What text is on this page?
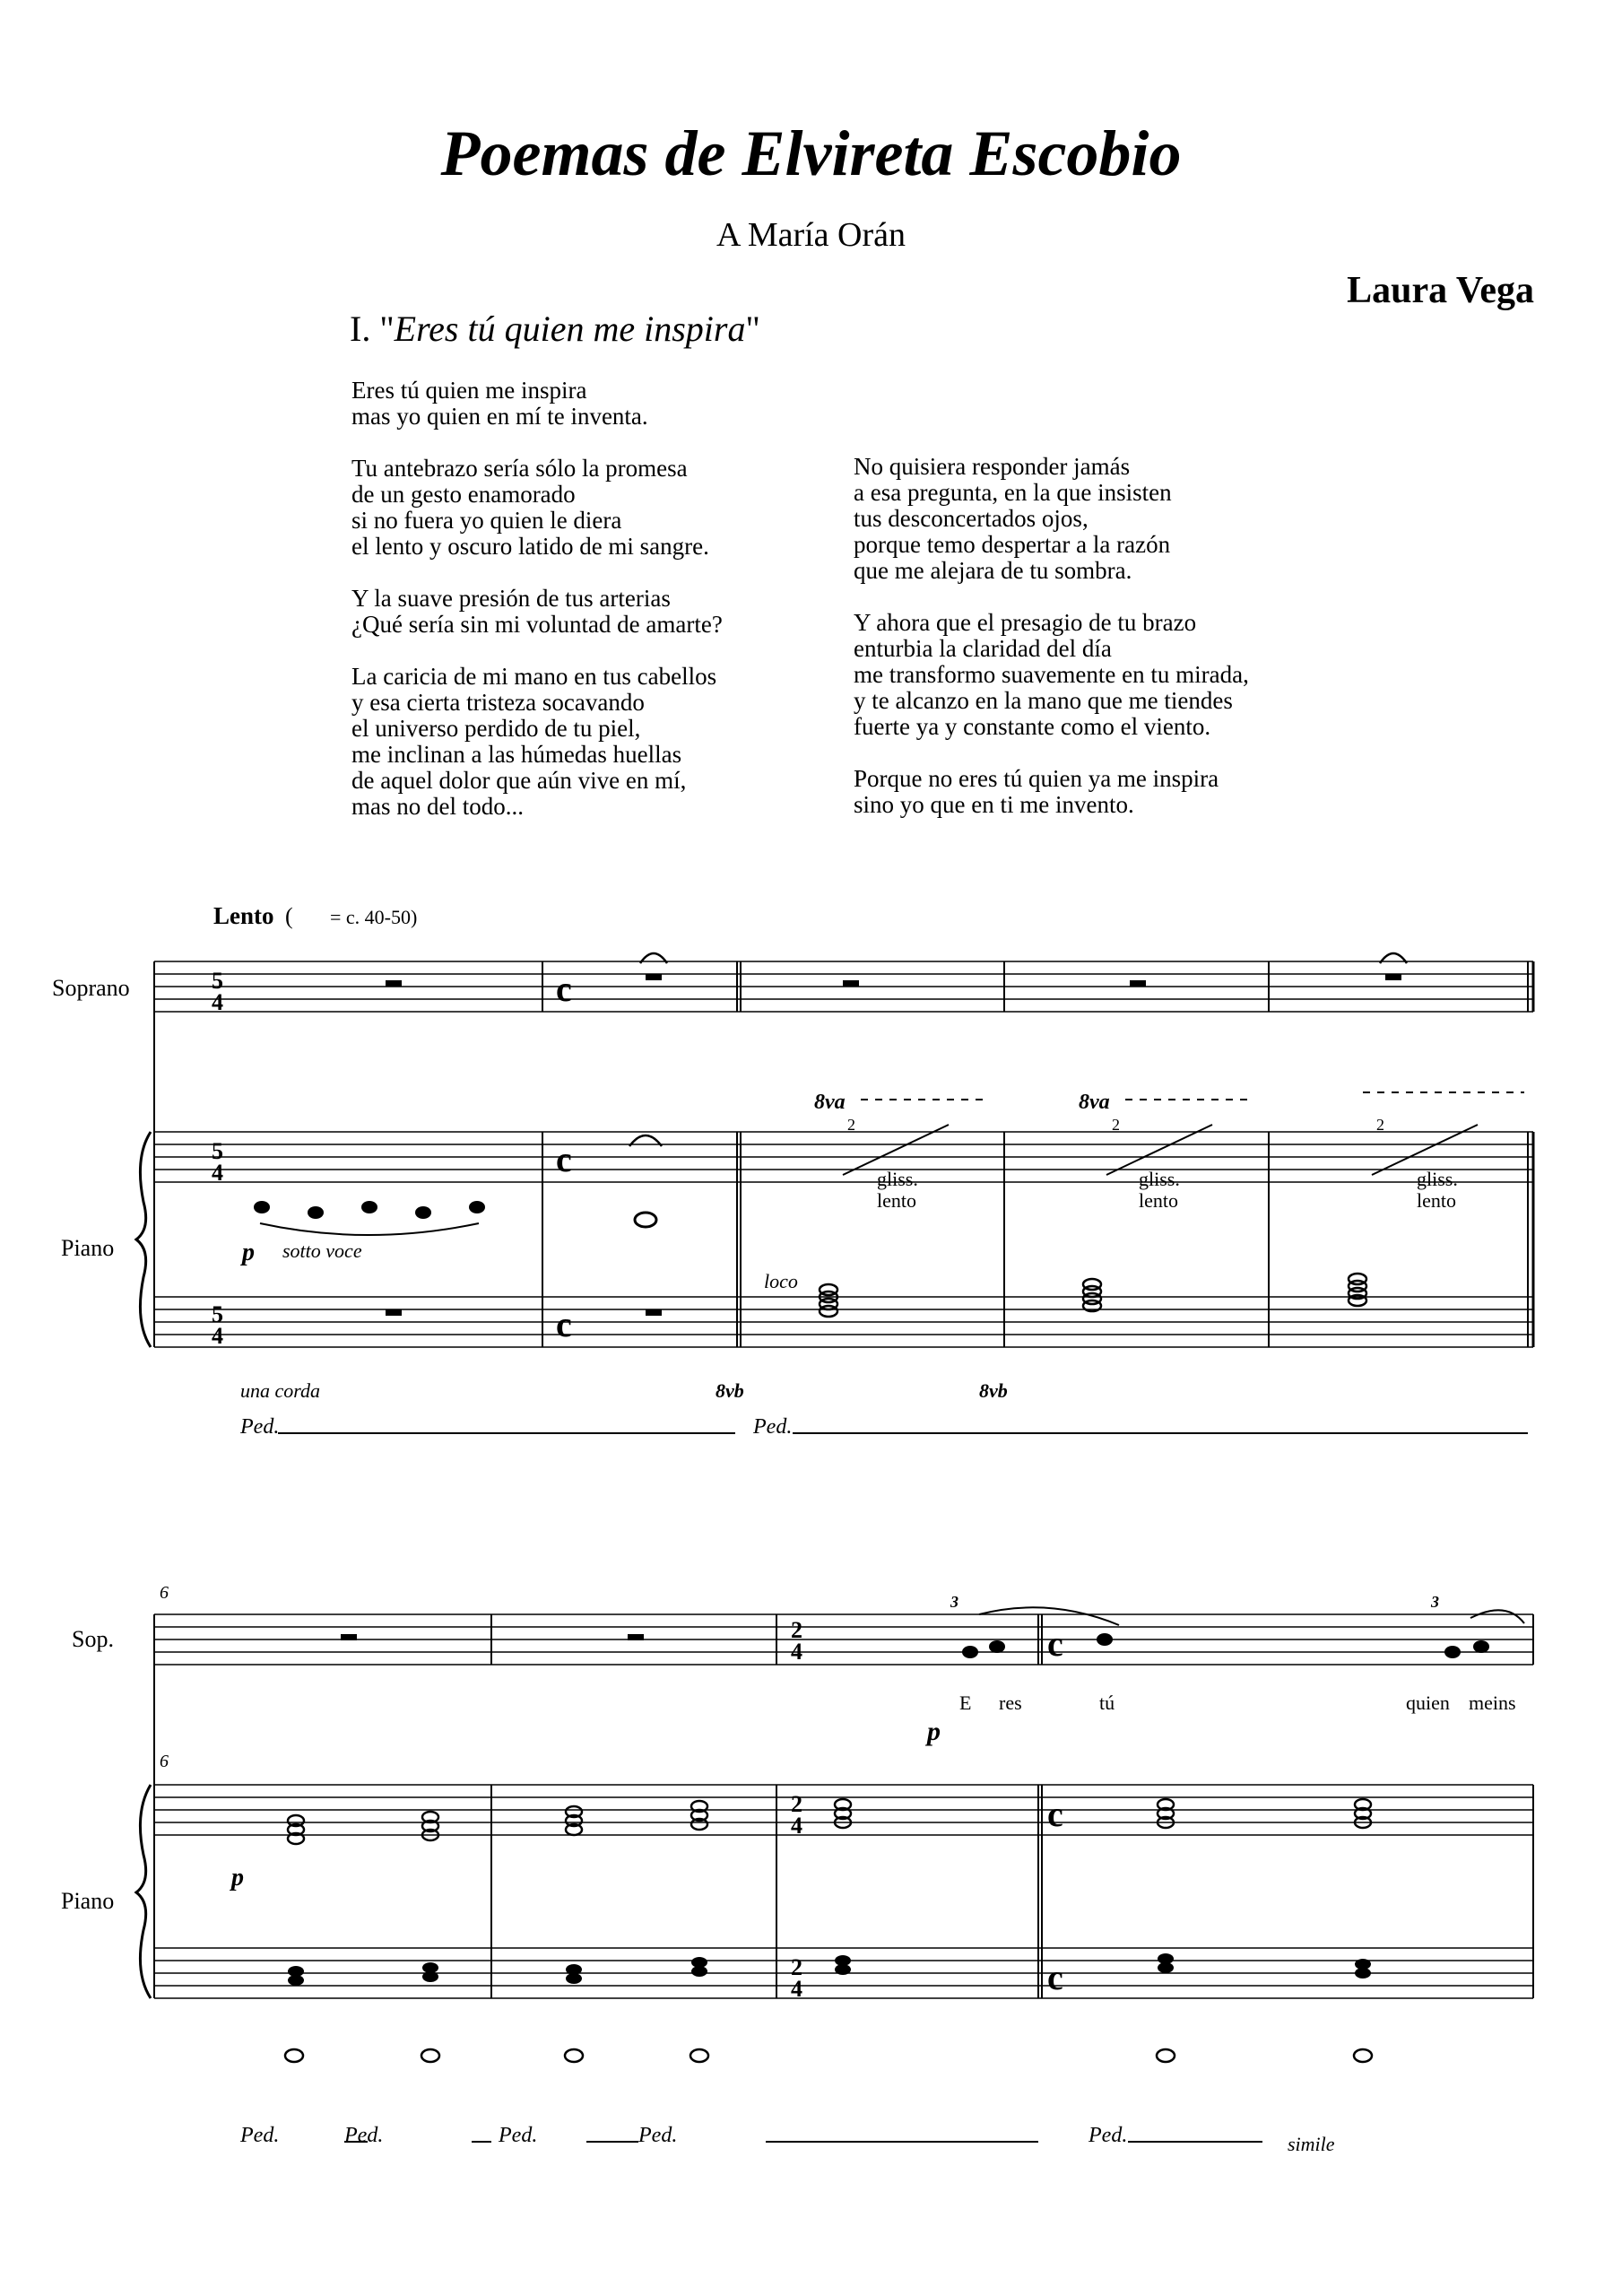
Poemas de Elvireta Escobio
A María Orán
Laura Vega
I. "Eres tú quien me inspira"
Eres tú quien me inspira
mas yo quien en mí te inventa.
Tu antebrazo sería sólo la promesa
de un gesto enamorado
si no fuera yo quien le diera
el lento y oscuro latido de mi sangre.
Y la suave presión de tus arterias
¿Qué sería sin mi voluntad de amarte?
La caricia de mi mano en tus cabellos
y esa cierta tristeza socavando
el universo perdido de tu piel,
me inclinan a las húmedas huellas
de aquel dolor que aún vive en mí,
mas no del todo...
No quisiera responder jamás
a esa pregunta, en la que insisten
tus desconcertados ojos,
porque temo despertar a la razón
que me alejara de tu sombra.
Y ahora que el presagio de tu brazo
enturbia la claridad del día
me transformo suavemente en tu mirada,
y te alcanzo en la mano que me tiendes
fuerte ya y constante como el viento.
Porque no eres tú quien ya me inspira
sino yo que en ti me invento.
Lento ( = c. 40-50)
Soprano
Piano
5
4
5
4
5
4
c
c
c
p sotto voce
8va	8va
2	2	2
gliss.
lento
gliss.
lento
gliss.
lento
loco
8vb	8vb
una corda
Ped.	Ped.
6
6
Sop.
Piano
2
4
2
4
2
4
c
c
c
3	3
p
p
E res	tú	quien meins
Ped.	Ped.	Ped.	Ped.	Ped.	simile
